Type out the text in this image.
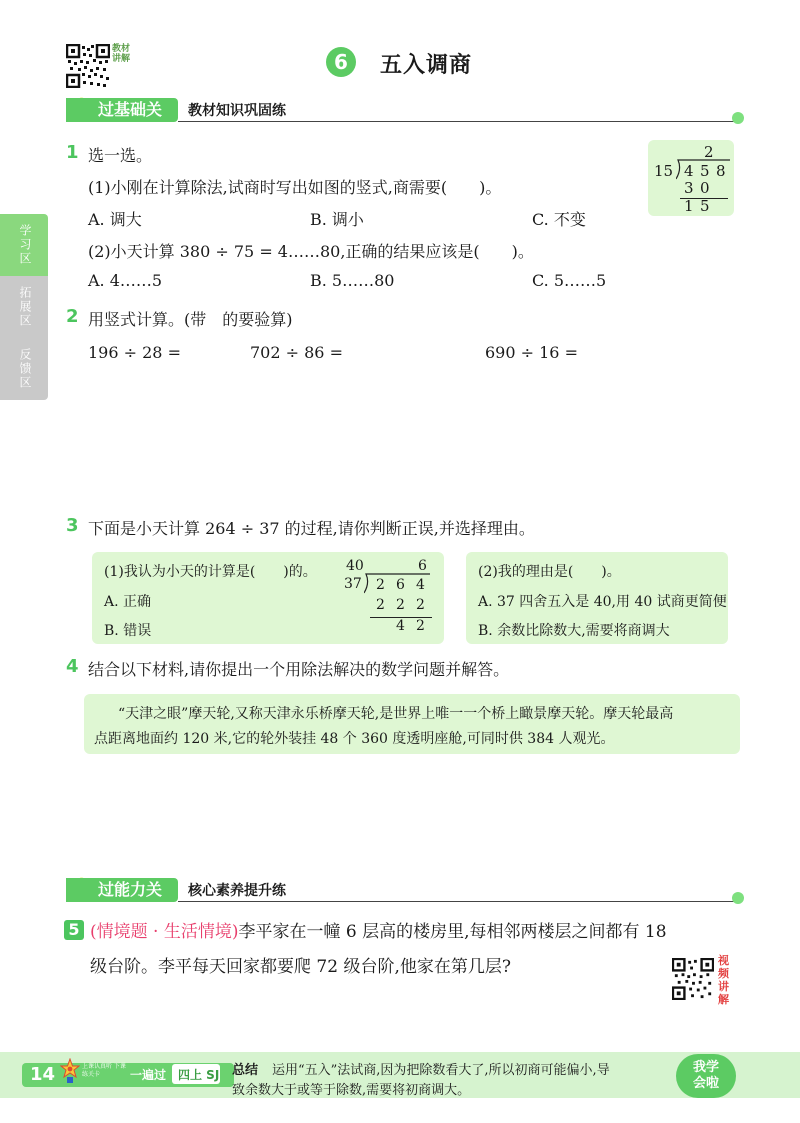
教材讲解	6	五入调商
过基础关	教材知识巩固练
学习区
拓展区
反馈区
1 选一选。
(1)小刚在计算除法,试商时写出如图的竖式,商需要(　　)。
A. 调大	B. 调小	C. 不变
(2)小天计算 380 ÷ 75 = 4……80,正确的结果应该是(　　)。
A. 4……5	B. 5……80	C. 5……5
2
15 4 5 8
3 0
1 5
2 用竖式计算。(带　的要验算)
196 ÷ 28 =	702 ÷ 86 =	690 ÷ 16 =
3 下面是小天计算 264 ÷ 37 的过程,请你判断正误,并选择理由。
(1)我认为小天的计算是(　　)的。
A. 正确
B. 错误
40	6
37 2 6 4
2 2 2
4 2
(2)我的理由是(　　)。
A. 37 四舍五入是 40,用 40 试商更简便
B. 余数比除数大,需要将商调大
4 结合以下材料,请你提出一个用除法解决的数学问题并解答。
“天津之眼”摩天轮,又称天津永乐桥摩天轮,是世界上唯一一个桥上瞰景摩天轮。摩天轮最高
点距离地面约 120 米,它的轮外装挂 48 个 360 度透明座舱,可同时供 384 人观光。
过能力关	核心素养提升练
5 (情境题 · 生活情境)李平家在一幢 6 层高的楼房里,每相邻两楼层之间都有 18
级台阶。李平每天回家都要爬 72 级台阶,他家在第几层?	视频讲解
14	上课认真听 下课练关卡	一遍过 四上 SJ 总结 运用“五入”法试商,因为把除数看大了,所以初商可能偏小,导
致余数大于或等于除数,需要将初商调大。
我学会啦
